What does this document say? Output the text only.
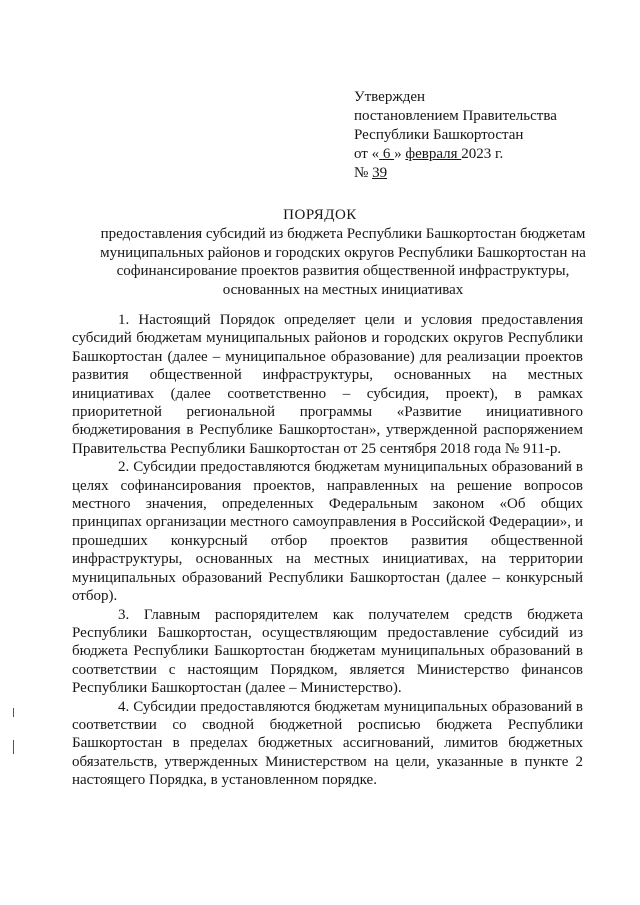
Утвержден
постановлением Правительства
Республики Башкортостан
от « 6 » февраля 2023 г.
№ 39
ПОРЯДОК
предоставления субсидий из бюджета Республики Башкортостан бюджетам муниципальных районов и городских округов Республики Башкортостан на софинансирование проектов развития общественной инфраструктуры, основанных на местных инициативах

1. Настоящий Порядок определяет цели и условия предоставления субсидий бюджетам муниципальных районов и городских округов Республики Башкортостан (далее – муниципальное образование) для реализации проектов развития общественной инфраструктуры, основанных на местных инициативах (далее соответственно – субсидия, проект), в рамках приоритетной региональной программы «Развитие инициативного бюджетирования в Республике Башкортостан», утвержденной распоряжением Правительства Республики Башкортостан от 25 сентября 2018 года № 911-р.

2. Субсидии предоставляются бюджетам муниципальных образований в целях софинансирования проектов, направленных на решение вопросов местного значения, определенных Федеральным законом «Об общих принципах организации местного самоуправления в Российской Федерации», и прошедших конкурсный отбор проектов развития общественной инфраструктуры, основанных на местных инициативах, на территории муниципальных образований Республики Башкортостан (далее – конкурсный отбор).

3. Главным распорядителем как получателем средств бюджета Республики Башкортостан, осуществляющим предоставление субсидий из бюджета Республики Башкортостан бюджетам муниципальных образований в соответствии с настоящим Порядком, является Министерство финансов Республики Башкортостан (далее – Министерство).

4. Субсидии предоставляются бюджетам муниципальных образований в соответствии со сводной бюджетной росписью бюджета Республики Башкортостан в пределах бюджетных ассигнований, лимитов бюджетных обязательств, утвержденных Министерством на цели, указанные в пункте 2 настоящего Порядка, в установленном порядке.
